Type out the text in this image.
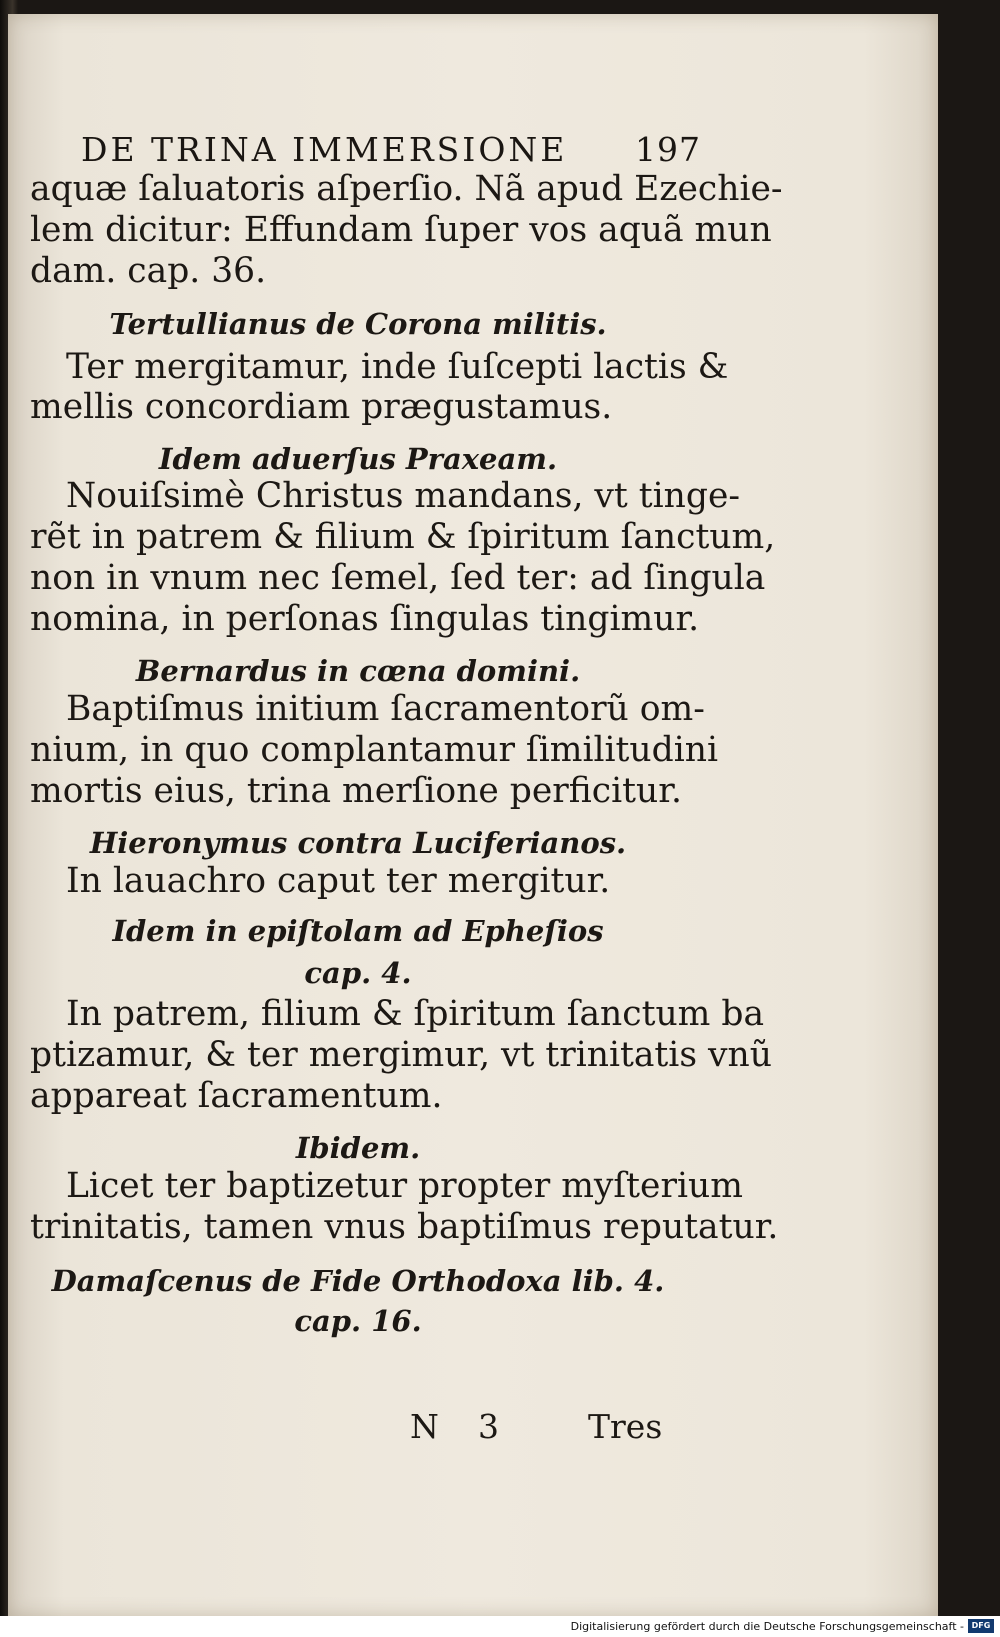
DE TRINA IMMERSIONE 197
aquæ ſaluatoris aſperſio. Nã apud Ezechie-
lem dicitur: Effundam ſuper vos aquã mun
dam. cap. 36.
Tertullianus de Corona militis.
Ter mergitamur, inde ſuſcepti lactis &
mellis concordiam prægustamus.
Idem aduerſus Praxeam.
Nouiſsimè Christus mandans, vt tinge-
rẽt in patrem & filium & ſpiritum ſanctum,
non in vnum nec ſemel, ſed ter: ad ſingula
nomina, in perſonas ſingulas tingimur.
Bernardus in cœna domini.
Baptiſmus initium ſacramentorũ om-
nium, in quo complantamur ſimilitudini
mortis eius, trina merſione perficitur.
Hieronymus contra Luciferianos.
In lauachro caput ter mergitur.
Idem in epiſtolam ad Epheſios
cap. 4.
In patrem, filium & ſpiritum ſanctum ba
ptizamur, & ter mergimur, vt trinitatis vnũ
appareat ſacramentum.
Ibidem.
Licet ter baptizetur propter myſterium
trinitatis, tamen vnus baptiſmus reputatur.
Damaſcenus de Fide Orthodoxa lib. 4.
cap. 16.
N 3	Tres
Digitalisierung gefördert durch die Deutsche Forschungsgemeinschaft - DFG
